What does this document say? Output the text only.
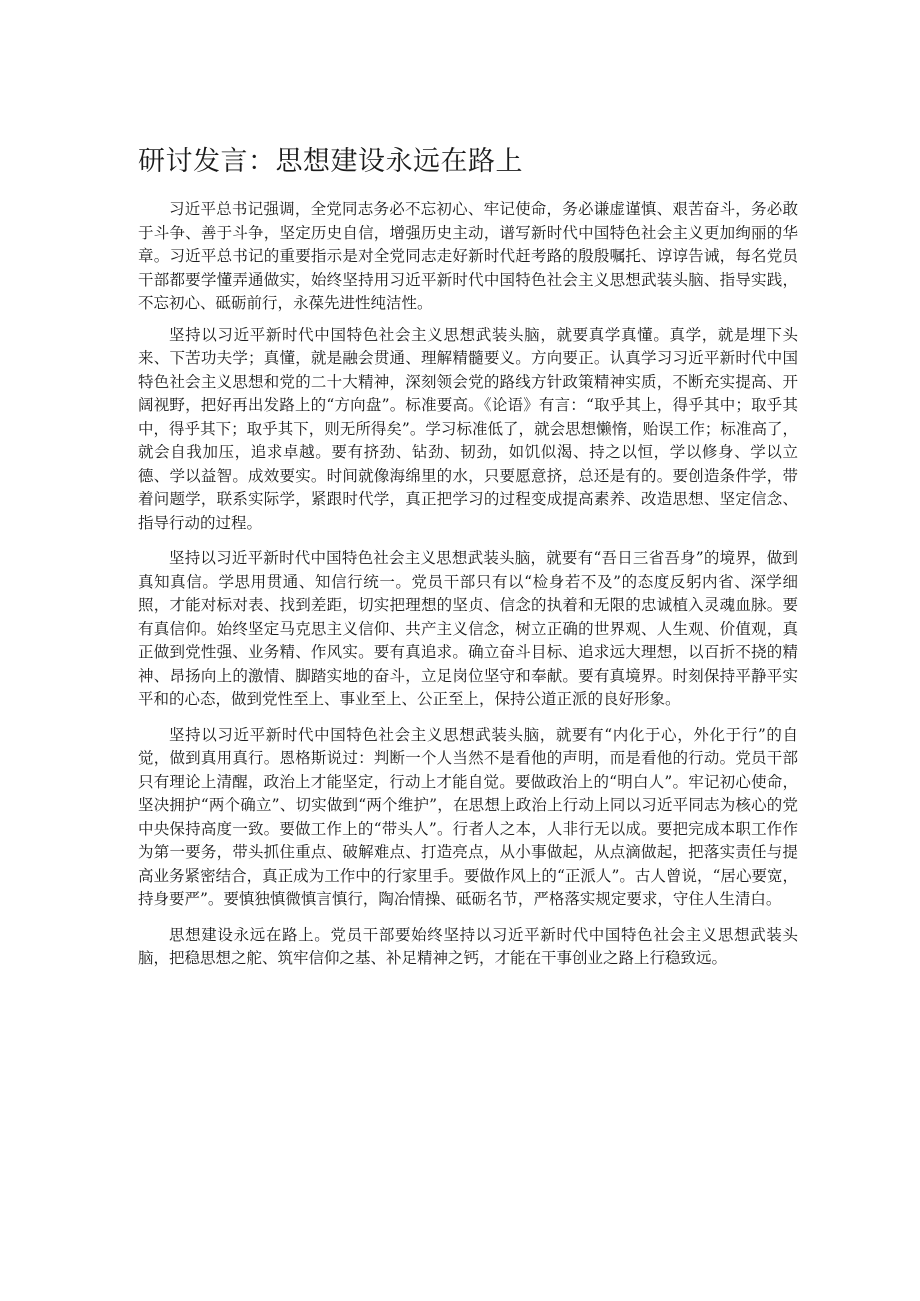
研讨发言：思想建设永远在路上

习近平总书记强调，全党同志务必不忘初心、牢记使命，务必谦虚谨慎、艰苦奋斗，务必敢于斗争、善于斗争，坚定历史自信，增强历史主动，谱写新时代中国特色社会主义更加绚丽的华章。习近平总书记的重要指示是对全党同志走好新时代赶考路的殷殷嘱托、谆谆告诫，每名党员干部都要学懂弄通做实，始终坚持用习近平新时代中国特色社会主义思想武装头脑、指导实践，不忘初心、砥砺前行，永葆先进性纯洁性。

坚持以习近平新时代中国特色社会主义思想武装头脑，就要真学真懂。真学，就是埋下头来、下苦功夫学；真懂，就是融会贯通、理解精髓要义。方向要正。认真学习习近平新时代中国特色社会主义思想和党的二十大精神，深刻领会党的路线方针政策精神实质，不断充实提高、开阔视野，把好再出发路上的“方向盘”。标准要高。《论语》有言：“取乎其上，得乎其中；取乎其中，得乎其下；取乎其下，则无所得矣”。学习标准低了，就会思想懒惰，贻误工作；标准高了，就会自我加压，追求卓越。要有挤劲、钻劲、韧劲，如饥似渴、持之以恒，学以修身、学以立德、学以益智。成效要实。时间就像海绵里的水，只要愿意挤，总还是有的。要创造条件学，带着问题学，联系实际学，紧跟时代学，真正把学习的过程变成提高素养、改造思想、坚定信念、指导行动的过程。

坚持以习近平新时代中国特色社会主义思想武装头脑，就要有“吾日三省吾身”的境界，做到真知真信。学思用贯通、知信行统一。党员干部只有以“检身若不及”的态度反躬内省、深学细照，才能对标对表、找到差距，切实把理想的坚贞、信念的执着和无限的忠诚植入灵魂血脉。要有真信仰。始终坚定马克思主义信仰、共产主义信念，树立正确的世界观、人生观、价值观，真正做到党性强、业务精、作风实。要有真追求。确立奋斗目标、追求远大理想，以百折不挠的精神、昂扬向上的激情、脚踏实地的奋斗，立足岗位坚守和奉献。要有真境界。时刻保持平静平实平和的心态，做到党性至上、事业至上、公正至上，保持公道正派的良好形象。

坚持以习近平新时代中国特色社会主义思想武装头脑，就要有“内化于心，外化于行”的自觉，做到真用真行。恩格斯说过：判断一个人当然不是看他的声明，而是看他的行动。党员干部只有理论上清醒，政治上才能坚定，行动上才能自觉。要做政治上的“明白人”。牢记初心使命，坚决拥护“两个确立”、切实做到“两个维护”，在思想上政治上行动上同以习近平同志为核心的党中央保持高度一致。要做工作上的“带头人”。行者人之本，人非行无以成。要把完成本职工作作为第一要务，带头抓住重点、破解难点、打造亮点，从小事做起，从点滴做起，把落实责任与提高业务紧密结合，真正成为工作中的行家里手。要做作风上的“正派人”。古人曾说，“居心要宽，持身要严”。要慎独慎微慎言慎行，陶冶情操、砥砺名节，严格落实规定要求，守住人生清白。

思想建设永远在路上。党员干部要始终坚持以习近平新时代中国特色社会主义思想武装头脑，把稳思想之舵、筑牢信仰之基、补足精神之钙，才能在干事创业之路上行稳致远。
